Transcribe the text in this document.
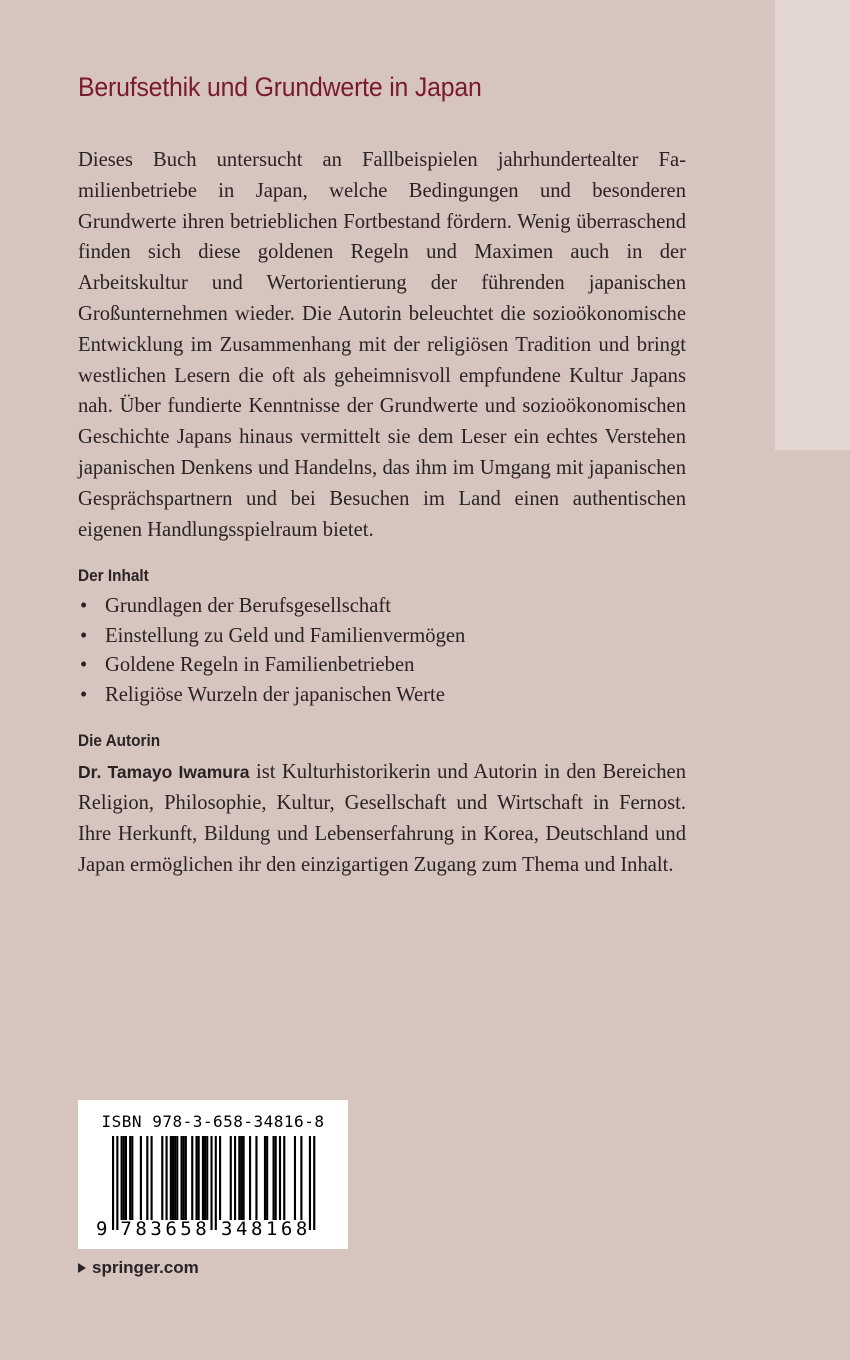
Berufsethik und Grundwerte in Japan

Dieses Buch untersucht an Fallbeispielen jahrhundertealter Familienbetriebe in Japan, welche Bedingungen und besonderen Grundwerte ihren betrieblichen Fortbestand fördern. Wenig überraschend finden sich diese goldenen Regeln und Maximen auch in der Arbeitskultur und Wertorientierung der führenden japanischen Großunternehmen wieder. Die Autorin beleuchtet die sozioökonomische Entwicklung im Zusammenhang mit der religiösen Tradition und bringt westlichen Lesern die oft als geheimnisvoll empfundene Kultur Japans nah. Über fundierte Kenntnisse der Grundwerte und sozioökonomischen Geschichte Japans hinaus vermittelt sie dem Leser ein echtes Verstehen japanischen Denkens und Handelns, das ihm im Umgang mit japanischen Gesprächspartnern und bei Besuchen im Land einen authentischen eigenen Handlungsspielraum bietet.

Der Inhalt
• Grundlagen der Berufsgesellschaft
• Einstellung zu Geld und Familienvermögen
• Goldene Regeln in Familienbetrieben
• Religiöse Wurzeln der japanischen Werte
Die Autorin

Dr. Tamayo Iwamura ist Kulturhistorikerin und Autorin in den Bereichen Religion, Philosophie, Kultur, Gesellschaft und Wirtschaft in Fernost. Ihre Herkunft, Bildung und Lebenserfahrung in Korea, Deutschland und Japan ermöglichen ihr den einzigartigen Zugang zum Thema und Inhalt.

ISBN 978-3-658-34816-8
9 7 8 3 6 5 8 3 4 8 1 6 8
springer.com
